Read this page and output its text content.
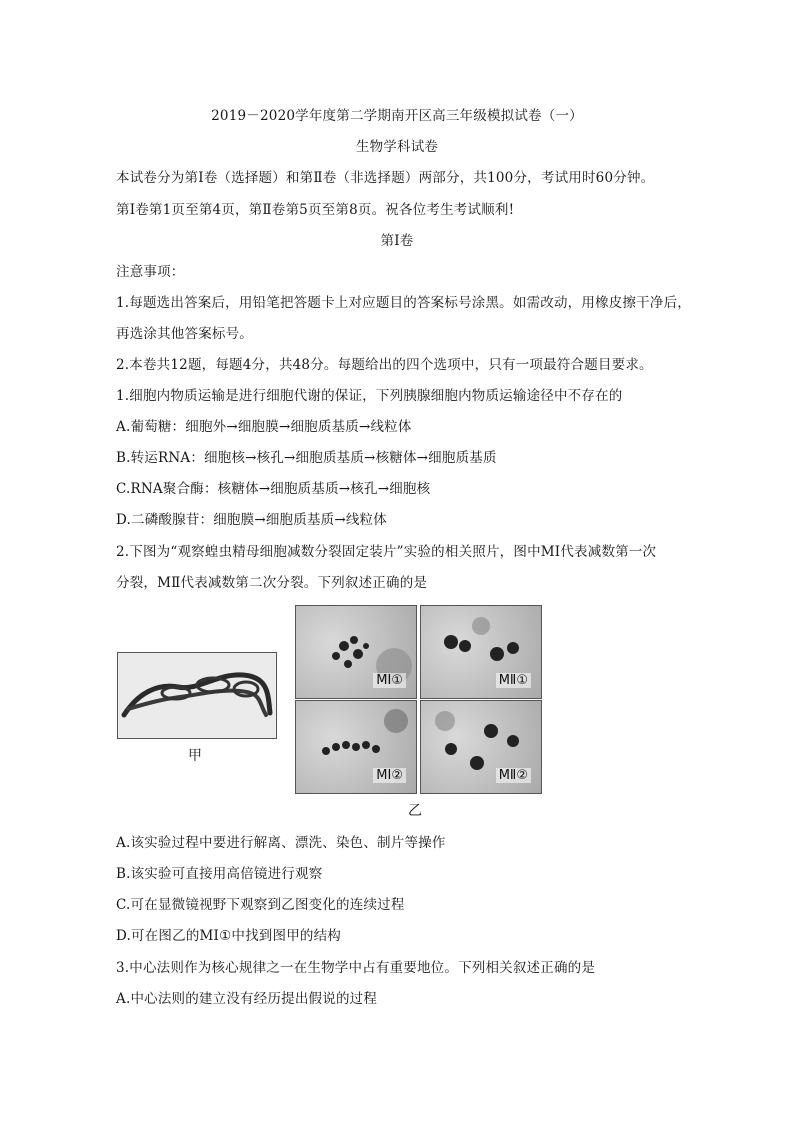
2019－2020学年度第二学期南开区高三年级模拟试卷（一）
生物学科试卷
本试卷分为第Ⅰ卷（选择题）和第Ⅱ卷（非选择题）两部分，共100分，考试用时60分钟。
第Ⅰ卷第1页至第4页，第Ⅱ卷第5页至第8页。祝各位考生考试顺利!
第Ⅰ卷
注意事项：
1.每题选出答案后，用铅笔把答题卡上对应题目的答案标号涂黑。如需改动，用橡皮擦干净后，
再选涂其他答案标号。
2.本卷共12题，每题4分，共48分。每题给出的四个选项中，只有一项最符合题目要求。
1.细胞内物质运输是进行细胞代谢的保证，下列胰腺细胞内物质运输途径中不存在的
A.葡萄糖：细胞外→细胞膜→细胞质基质→线粒体
B.转运RNA：细胞核→核孔→细胞质基质→核糖体→细胞质基质
C.RNA聚合酶：核糖体→细胞质基质→核孔→细胞核
D.二磷酸腺苷：细胞膜→细胞质基质→线粒体
2.下图为“观察蝗虫精母细胞减数分裂固定装片”实验的相关照片，图中MⅠ代表减数第一次
分裂，MⅡ代表减数第二次分裂。下列叙述正确的是
甲
MⅠ①	MⅡ①
MⅠ②	MⅡ②
乙
A.该实验过程中要进行解离、漂洗、染色、制片等操作
B.该实验可直接用高倍镜进行观察
C.可在显微镜视野下观察到乙图变化的连续过程
D.可在图乙的MⅠ①中找到图甲的结构
3.中心法则作为核心规律之一在生物学中占有重要地位。下列相关叙述正确的是
A.中心法则的建立没有经历提出假说的过程
